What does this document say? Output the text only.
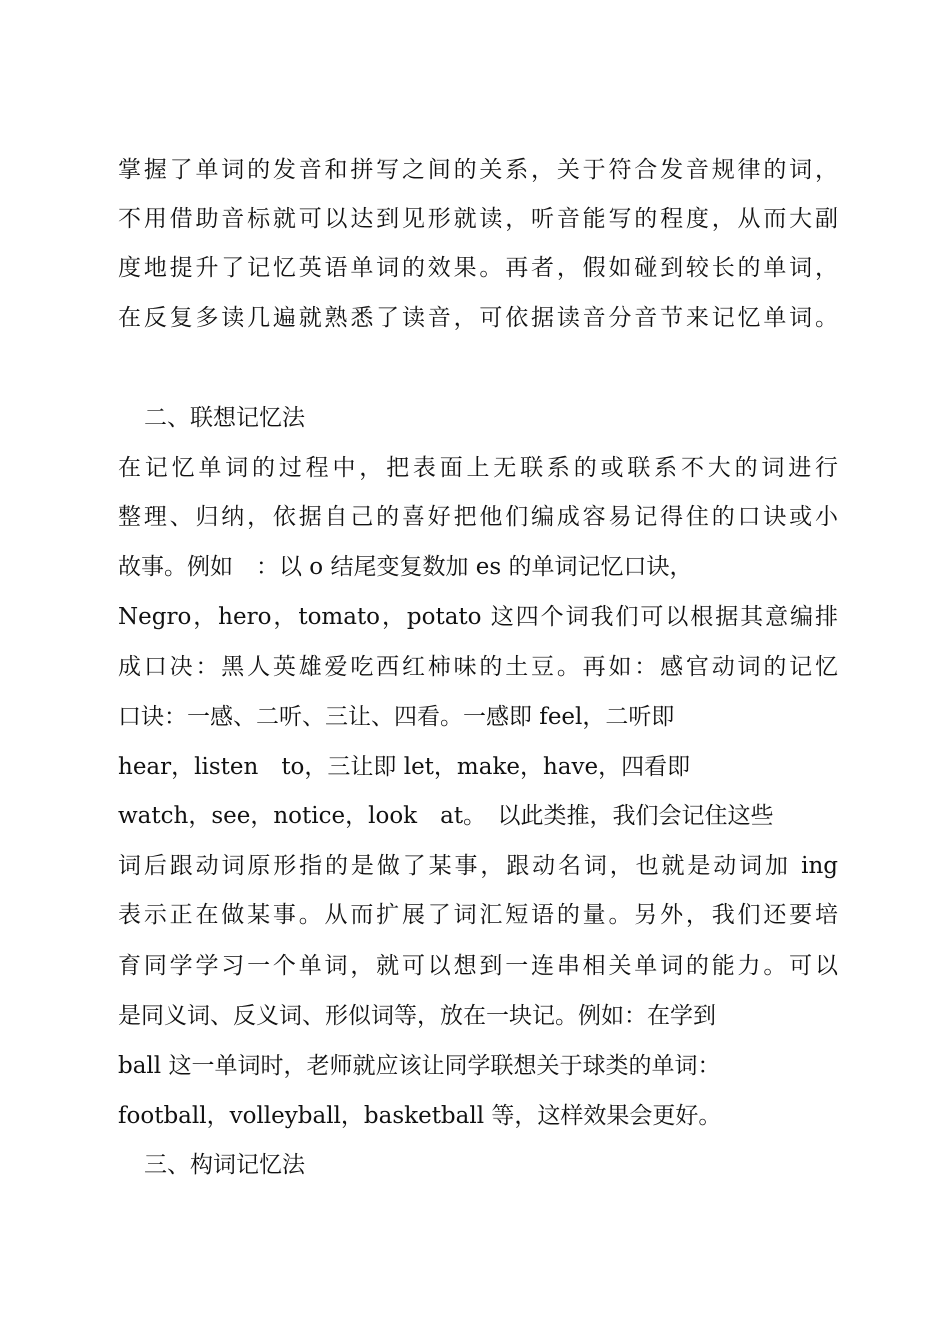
掌握了单词的发音和拼写之间的关系，关于符合发音规律的词，
不用借助音标就可以达到见形就读，听音能写的程度，从而大副
度地提升了记忆英语单词的效果。再者，假如碰到较长的单词，
在反复多读几遍就熟悉了读音，可依据读音分音节来记忆单词。
二、联想记忆法
在记忆单词的过程中，把表面上无联系的或联系不大的词进行
整理、归纳，依据自己的喜好把他们编成容易记得住的口诀或小
故事。例如　：以 o 结尾变复数加 es 的单词记忆口诀，
Negro，hero，tomato，potato 这四个词我们可以根据其意编排
成口决：黑人英雄爱吃西红柿味的土豆。再如：感官动词的记忆
口诀：一感、二听、三让、四看。一感即 feel，二听即
hear，listen　to，三让即 let，make，have，四看即
watch，see，notice，look　at。　以此类推，我们会记住这些
词后跟动词原形指的是做了某事，跟动名词，也就是动词加 ing
表示正在做某事。从而扩展了词汇短语的量。另外，我们还要培
育同学学习一个单词，就可以想到一连串相关单词的能力。可以
是同义词、反义词、形似词等，放在一块记。例如：在学到
ball 这一单词时，老师就应该让同学联想关于球类的单词：
football，volleyball，basketball 等，这样效果会更好。
三、构词记忆法
